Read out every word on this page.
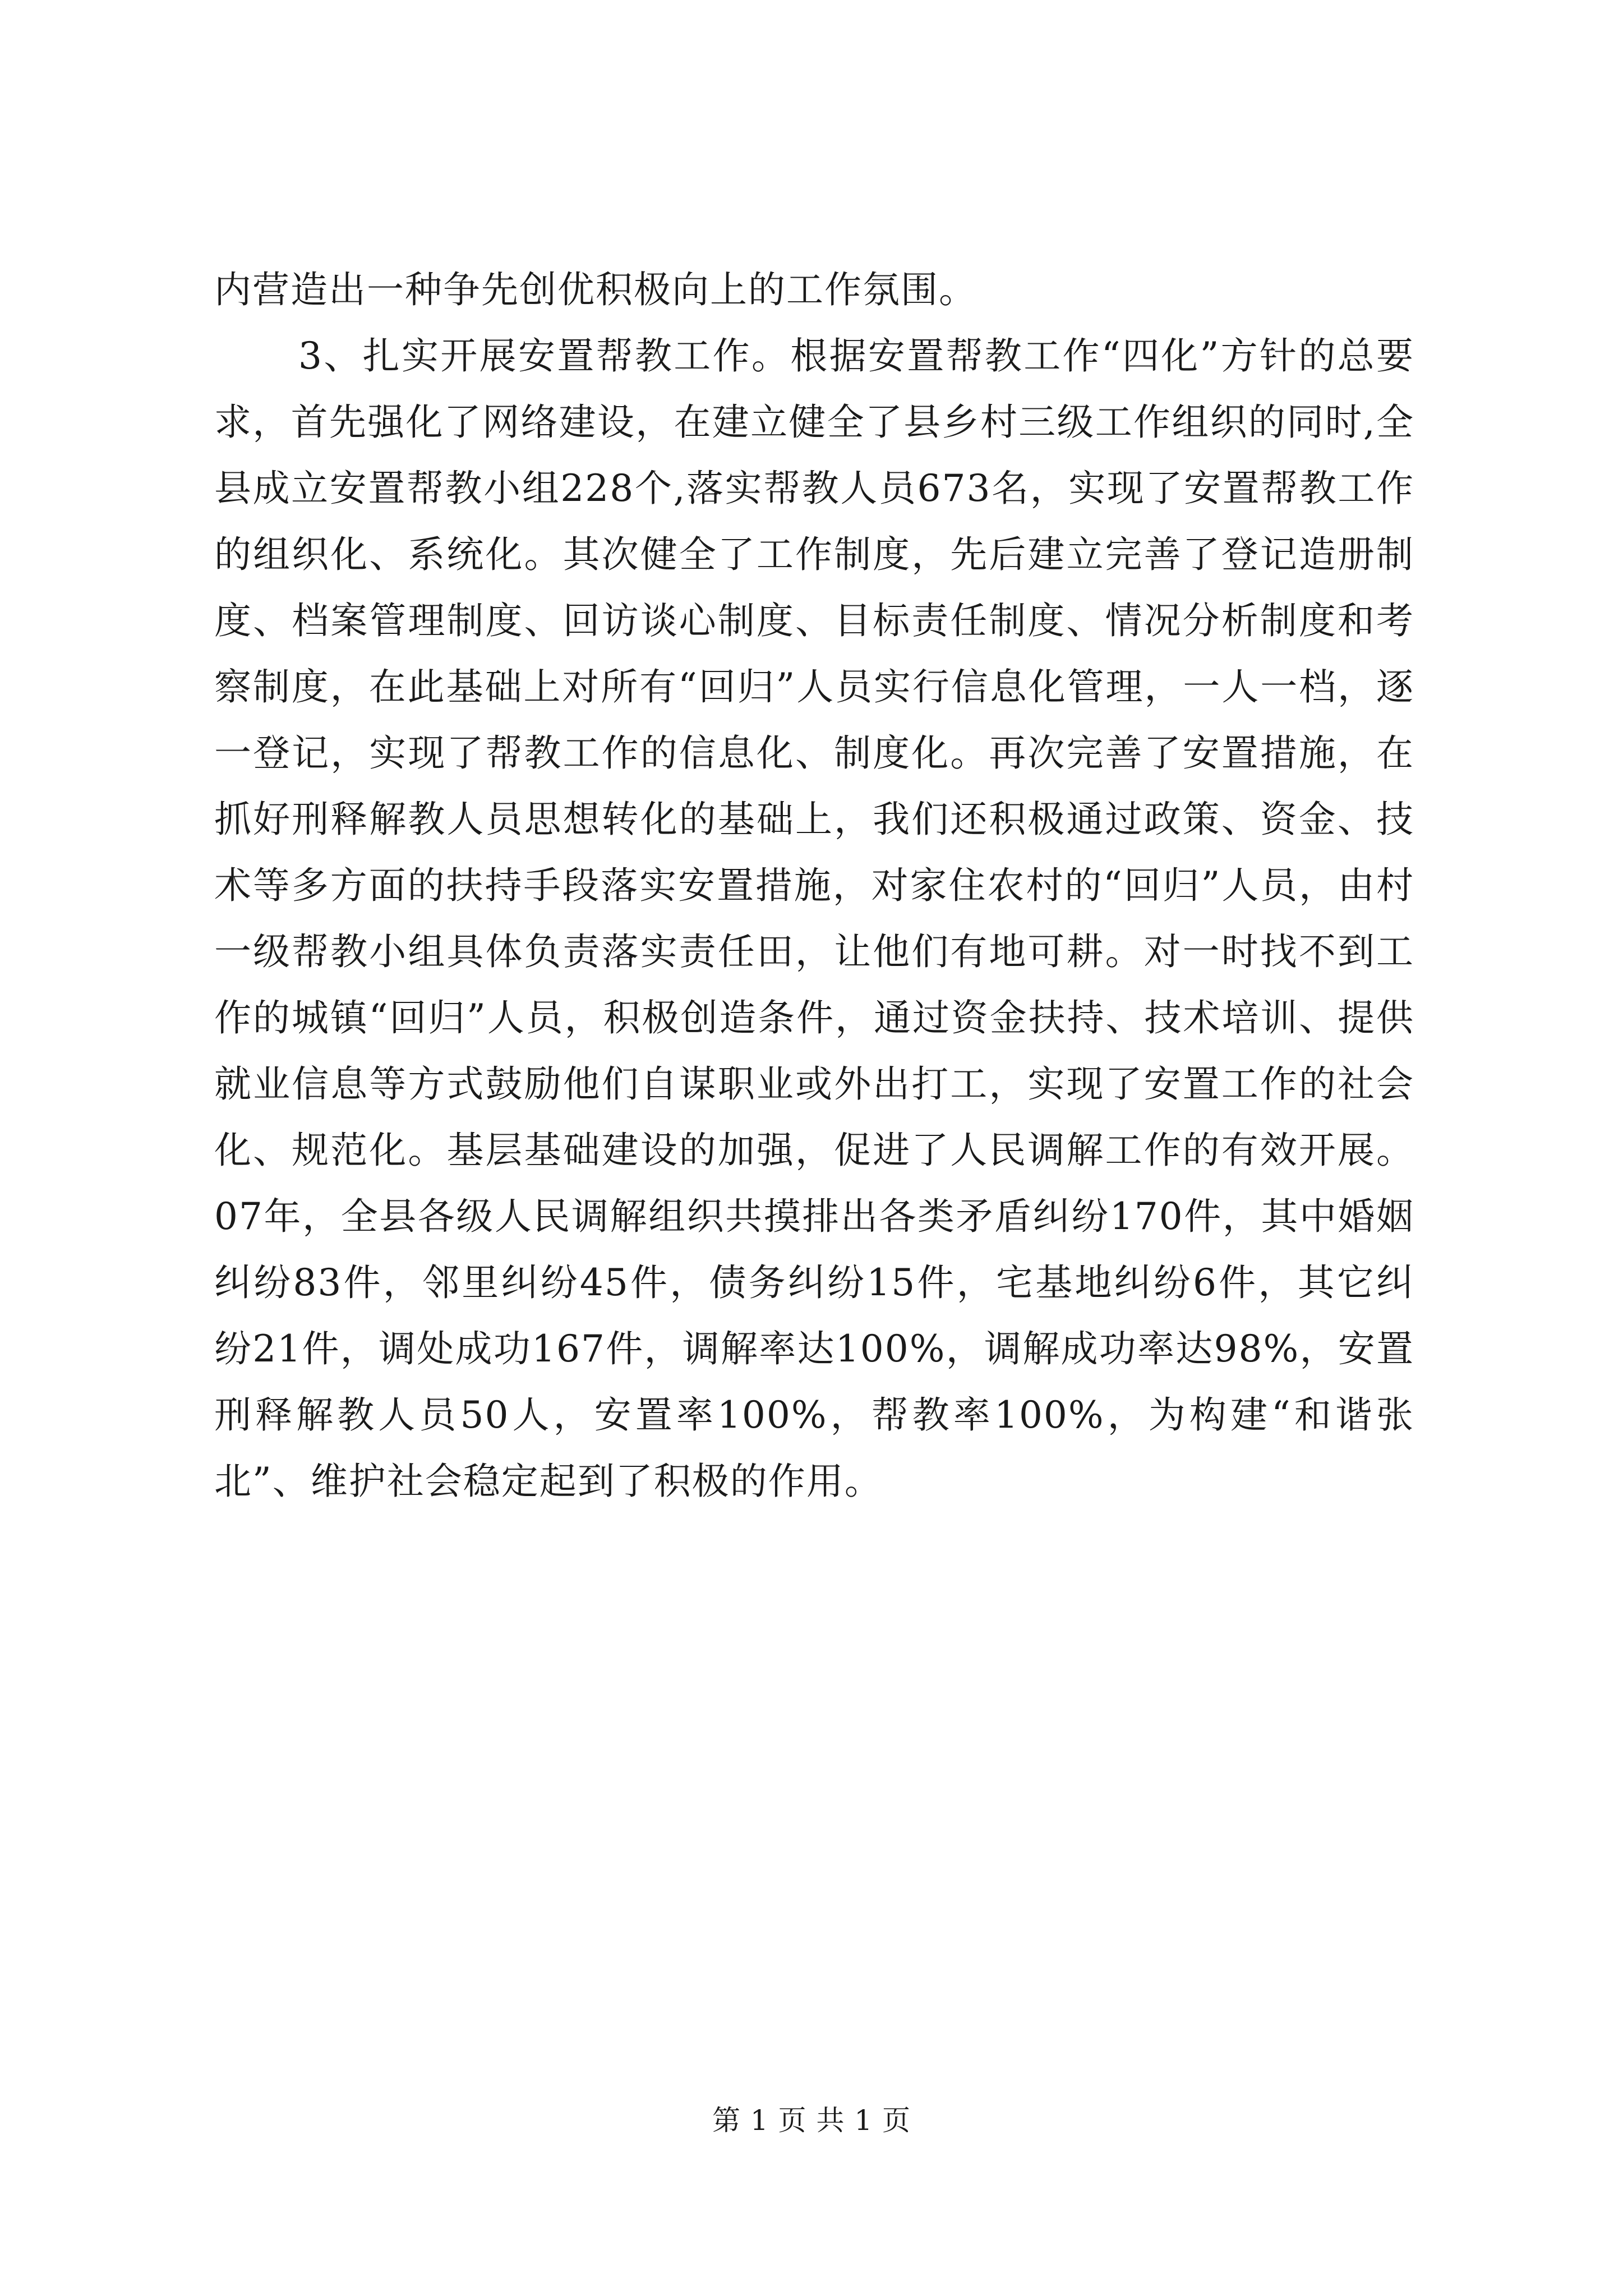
内营造出一种争先创优积极向上的工作氛围。

3、扎实开展安置帮教工作。根据安置帮教工作“四化”方针的总要求，首先强化了网络建设，在建立健全了县乡村三级工作组织的同时,全县成立安置帮教小组228个,落实帮教人员673名，实现了安置帮教工作的组织化、系统化。其次健全了工作制度，先后建立完善了登记造册制度、档案管理制度、回访谈心制度、目标责任制度、情况分析制度和考察制度，在此基础上对所有“回归”人员实行信息化管理，一人一档，逐一登记，实现了帮教工作的信息化、制度化。再次完善了安置措施，在抓好刑释解教人员思想转化的基础上，我们还积极通过政策、资金、技术等多方面的扶持手段落实安置措施，对家住农村的“回归”人员，由村一级帮教小组具体负责落实责任田，让他们有地可耕。对一时找不到工作的城镇“回归”人员，积极创造条件，通过资金扶持、技术培训、提供就业信息等方式鼓励他们自谋职业或外出打工，实现了安置工作的社会化、规范化。基层基础建设的加强，促进了人民调解工作的有效开展。07年，全县各级人民调解组织共摸排出各类矛盾纠纷170件，其中婚姻纠纷83件，邻里纠纷45件，债务纠纷15件，宅基地纠纷6件，其它纠纷21件，调处成功167件，调解率达100%，调解成功率达98%，安置刑释解教人员50人，安置率100%，帮教率100%，为构建“和谐张北”、维护社会稳定起到了积极的作用。

第 1 页 共 1 页
